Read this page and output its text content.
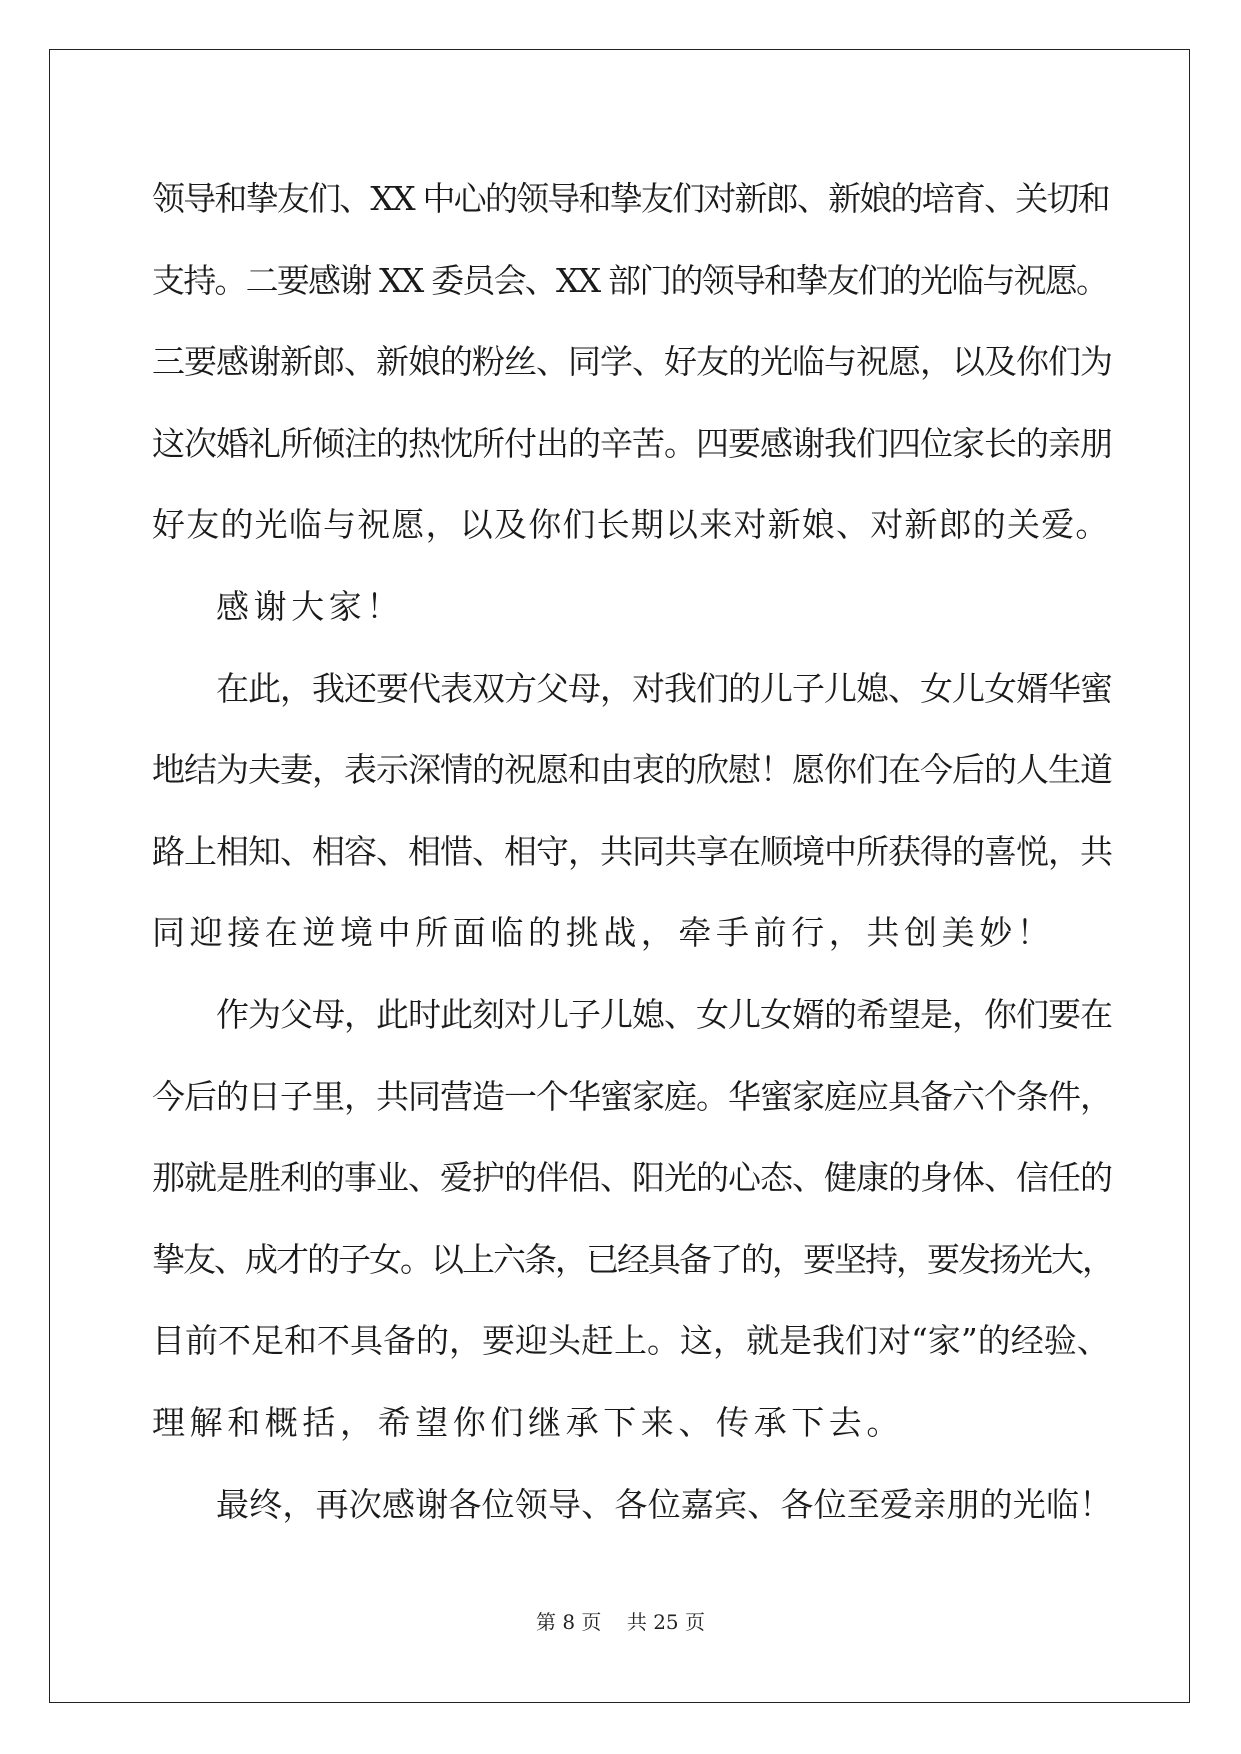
领导和挚友们、XX 中心的领导和挚友们对新郎、新娘的培育、关切和
支持。二要感谢 XX 委员会、XX 部门的领导和挚友们的光临与祝愿。
三要感谢新郎、新娘的粉丝、同学、好友的光临与祝愿，以及你们为
这次婚礼所倾注的热忱所付出的辛苦。四要感谢我们四位家长的亲朋
好友的光临与祝愿，以及你们长期以来对新娘、对新郎的关爱。
感谢大家！
在此，我还要代表双方父母，对我们的儿子儿媳、女儿女婿华蜜
地结为夫妻，表示深情的祝愿和由衷的欣慰！愿你们在今后的人生道
路上相知、相容、相惜、相守，共同共享在顺境中所获得的喜悦，共
同迎接在逆境中所面临的挑战，牵手前行，共创美妙！
作为父母，此时此刻对儿子儿媳、女儿女婿的希望是，你们要在
今后的日子里，共同营造一个华蜜家庭。华蜜家庭应具备六个条件，
那就是胜利的事业、爱护的伴侣、阳光的心态、健康的身体、信任的
挚友、成才的子女。以上六条，已经具备了的，要坚持，要发扬光大，
目前不足和不具备的，要迎头赶上。这，就是我们对“家”的经验、
理解和概括，希望你们继承下来、传承下去。
最终，再次感谢各位领导、各位嘉宾、各位至爱亲朋的光临！
第 8 页    共 25 页
